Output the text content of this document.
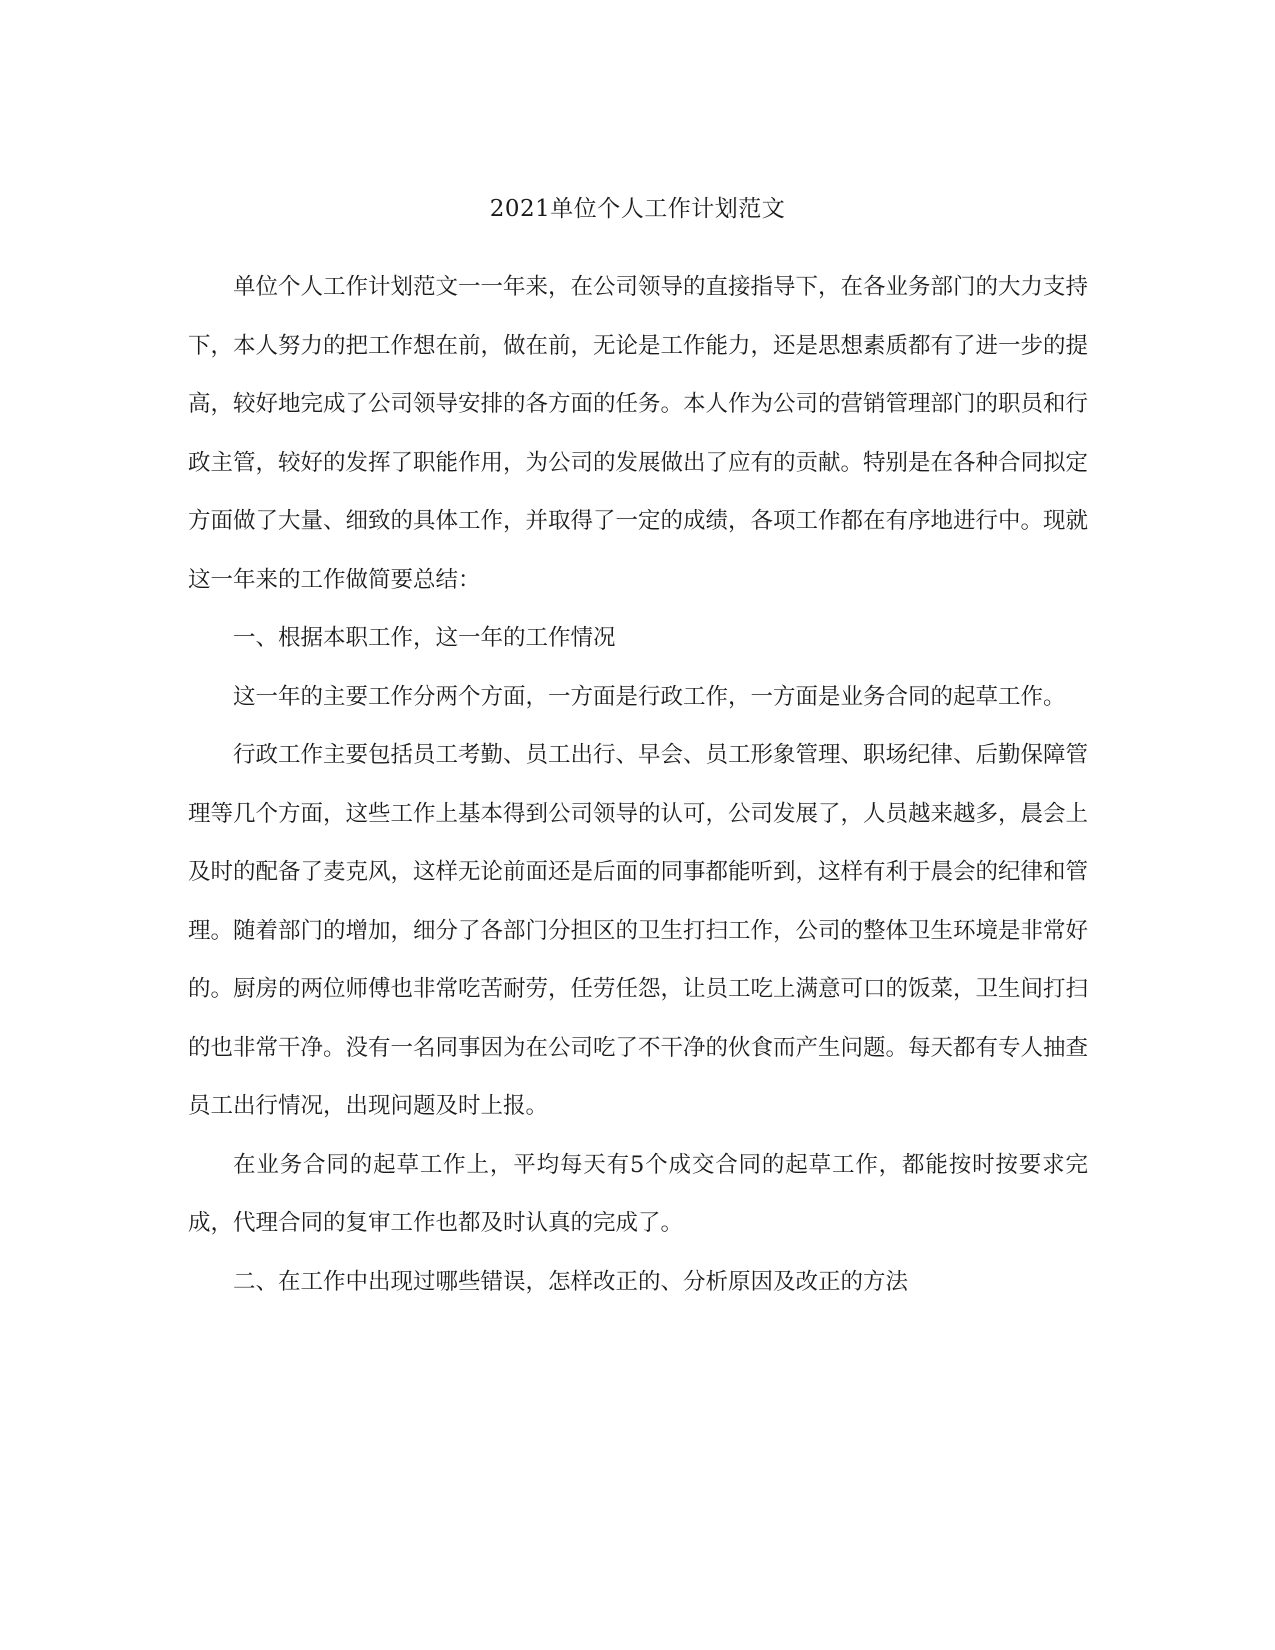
2021单位个人工作计划范文

单位个人工作计划范文一一年来，在公司领导的直接指导下，在各业务部门的大力支持下，本人努力的把工作想在前，做在前，无论是工作能力，还是思想素质都有了进一步的提高，较好地完成了公司领导安排的各方面的任务。本人作为公司的营销管理部门的职员和行政主管，较好的发挥了职能作用，为公司的发展做出了应有的贡献。特别是在各种合同拟定方面做了大量、细致的具体工作，并取得了一定的成绩，各项工作都在有序地进行中。现就这一年来的工作做简要总结：

一、根据本职工作，这一年的工作情况

这一年的主要工作分两个方面，一方面是行政工作，一方面是业务合同的起草工作。

行政工作主要包括员工考勤、员工出行、早会、员工形象管理、职场纪律、后勤保障管理等几个方面，这些工作上基本得到公司领导的认可，公司发展了，人员越来越多，晨会上及时的配备了麦克风，这样无论前面还是后面的同事都能听到，这样有利于晨会的纪律和管理。随着部门的增加，细分了各部门分担区的卫生打扫工作，公司的整体卫生环境是非常好的。厨房的两位师傅也非常吃苦耐劳，任劳任怨，让员工吃上满意可口的饭菜，卫生间打扫的也非常干净。没有一名同事因为在公司吃了不干净的伙食而产生问题。每天都有专人抽查员工出行情况，出现问题及时上报。

在业务合同的起草工作上，平均每天有5个成交合同的起草工作，都能按时按要求完成，代理合同的复审工作也都及时认真的完成了。

二、在工作中出现过哪些错误，怎样改正的、分析原因及改正的方法
